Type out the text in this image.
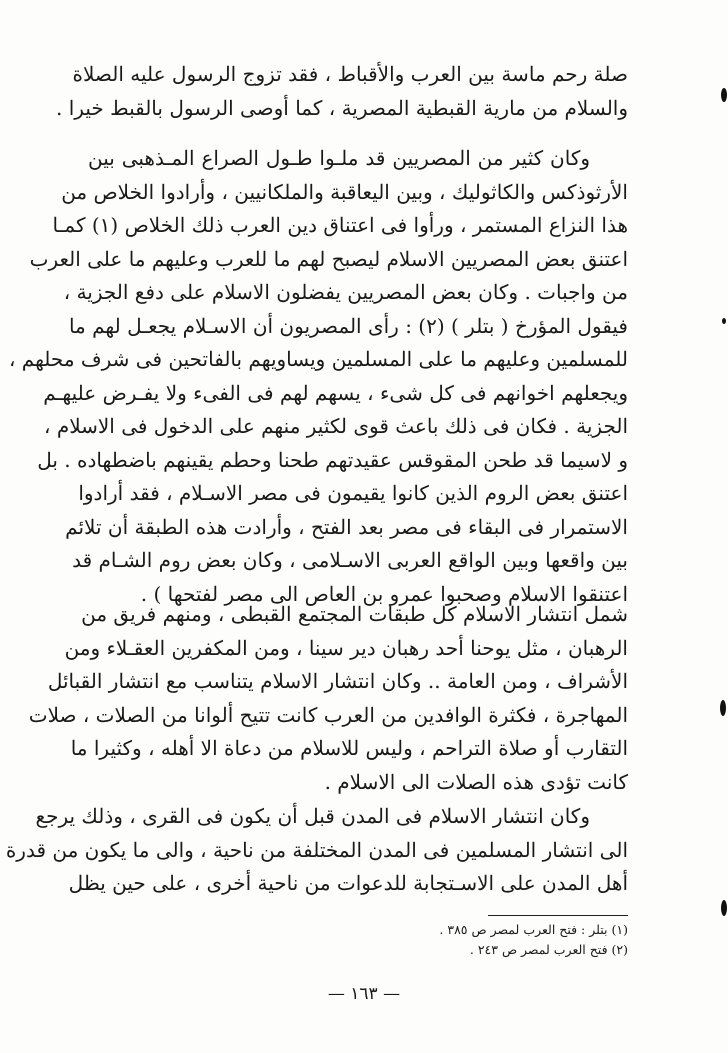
صلة رحم ماسة بين العرب والأقباط ، فقد تزوج الرسول عليه الصلاة
والسلام من مارية القبطية المصرية ، كما أوصى الرسول بالقبط خيرا .
وكان كثير من المصريين قد ملـوا طـول الصراع المـذهبى بين
الأرثوذكس والكاثوليك ، وبين اليعاقبة والملكانيين ، وأرادوا الخلاص من
هذا النزاع المستمر ، ورأوا فى اعتناق دين العرب ذلك الخلاص (١) كمـا
اعتنق بعض المصريين الاسلام ليصبح لهم ما للعرب وعليهم ما على العرب
من واجبات . وكان بعض المصريين يفضلون الاسلام على دفع الجزية ،
فيقول المؤرخ ( بتلر ) (٢) : رأى المصريون أن الاسـلام يجعـل لهم ما
للمسلمين وعليهم ما على المسلمين ويساويهم بالفاتحين فى شرف محلهم ،
ويجعلهم اخوانهم فى كل شىء ، يسهم لهم فى الفىء ولا يفـرض عليهـم
الجزية . فكان فى ذلك باعث قوى لكثير منهم على الدخول فى الاسلام ،
و لاسيما قد طحن المقوقس عقيدتهم طحنا وحطم يقينهم باضطهاده . بل
اعتنق بعض الروم الذين كانوا يقيمون فى مصر الاسـلام ، فقد أرادوا
الاستمرار فى البقاء فى مصر بعد الفتح ، وأرادت هذه الطبقة أن تلائم
بين واقعها وبين الواقع العربى الاسـلامى ، وكان بعض روم الشـام قد
اعتنقوا الاسلام وصحبوا عمرو بن العاص الى مصر لفتحها ) .
شمل انتشار الاسلام كل طبقات المجتمع القبطى ، ومنهم فريق من
الرهبان ، مثل يوحنا أحد رهبان دير سينا ، ومن المكفرين العقـلاء ومن
الأشراف ، ومن العامة .. وكان انتشار الاسلام يتناسب مع انتشار القبائل
المهاجرة ، فكثرة الوافدين من العرب كانت تتيح ألوانا من الصلات ، صلات
التقارب أو صلاة التراحم ، وليس للاسلام من دعاة الا أهله ، وكثيرا ما
كانت تؤدى هذه الصلات الى الاسلام .
وكان انتشار الاسلام فى المدن قبل أن يكون فى القرى ، وذلك يرجع
الى انتشار المسلمين فى المدن المختلفة من ناحية ، والى ما يكون من قدرة
أهل المدن على الاسـتجابة للدعوات من ناحية أخرى ، على حين يظل
(١) بتلر : فتح العرب لمصر ص ٣٨٥ .
(٢) فتح العرب لمصر ص ٢٤٣ .
— ١٦٣ —
